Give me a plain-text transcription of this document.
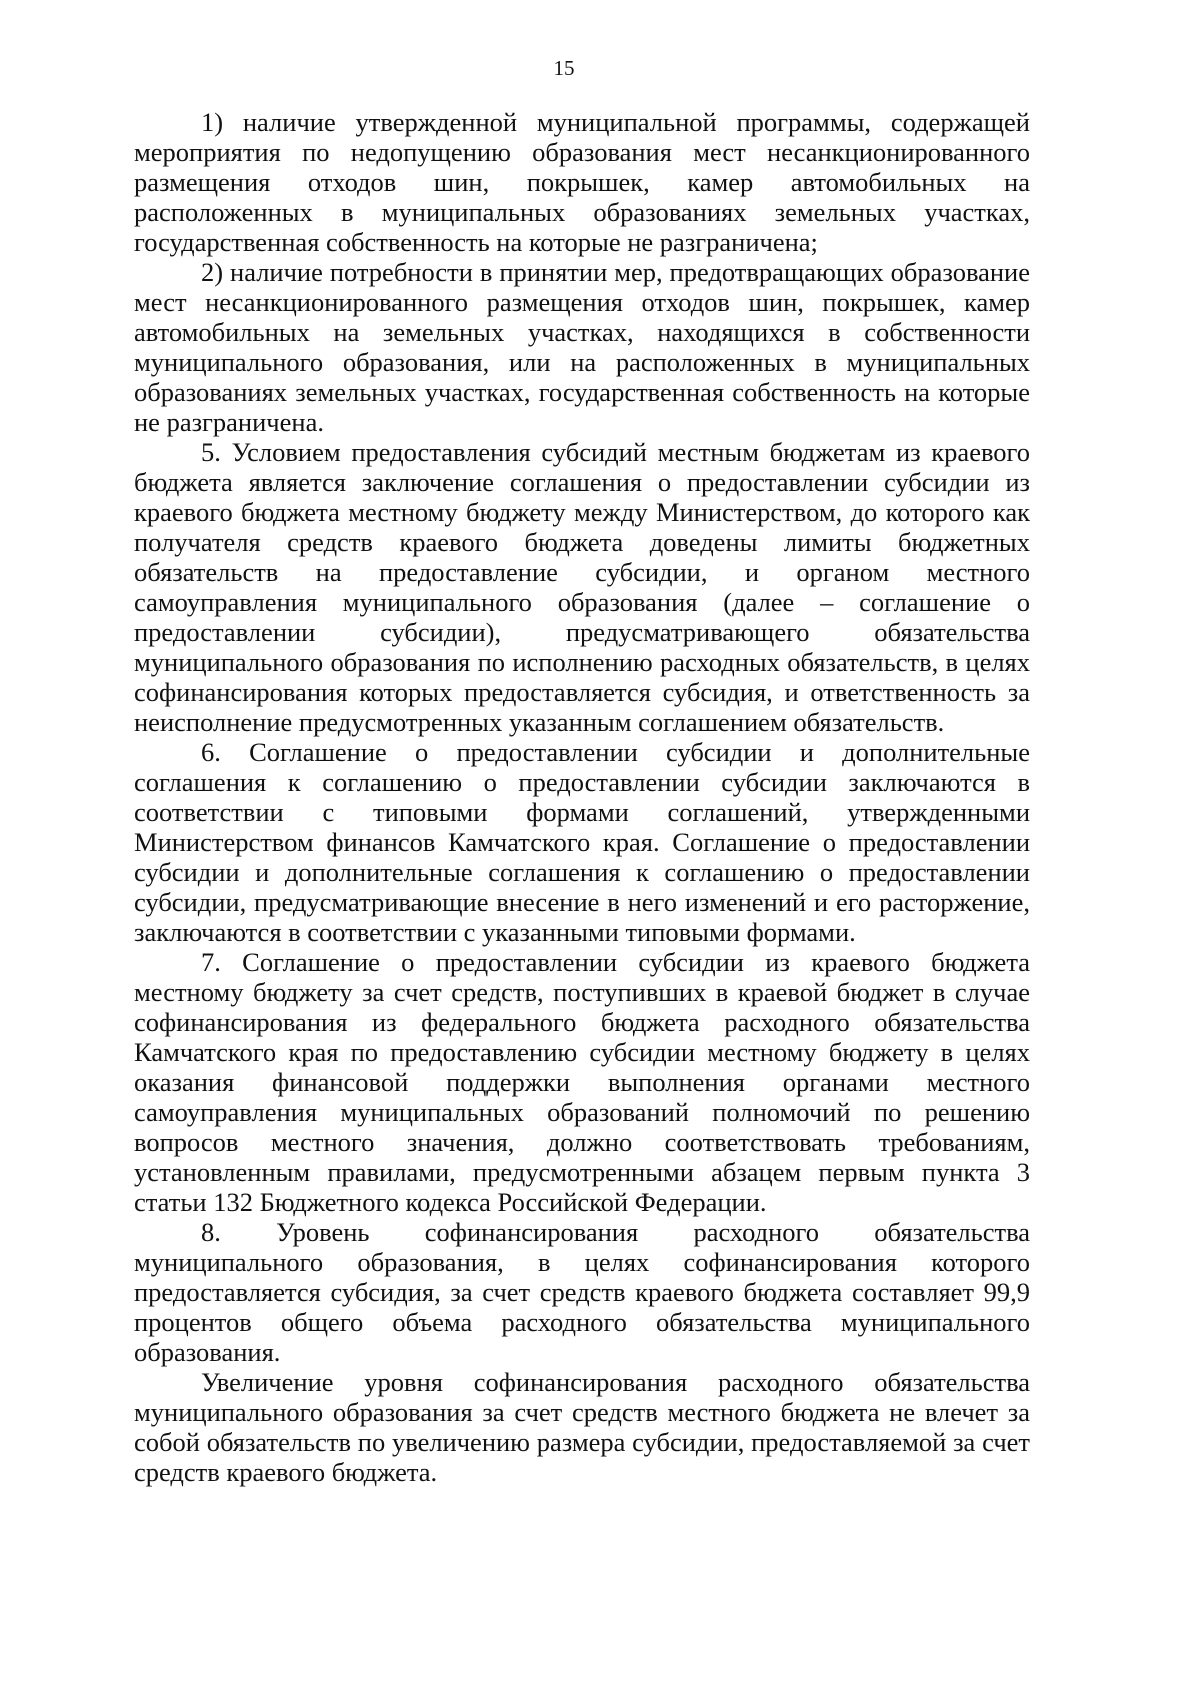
15

1) наличие утвержденной муниципальной программы, содержащей мероприятия по недопущению образования мест несанкционированного размещения отходов шин, покрышек, камер автомобильных на расположенных в муниципальных образованиях земельных участках, государственная собственность на которые не разграничена;

2) наличие потребности в принятии мер, предотвращающих образование мест несанкционированного размещения отходов шин, покрышек, камер автомобильных на земельных участках, находящихся в собственности муниципального образования, или на расположенных в муниципальных образованиях земельных участках, государственная собственность на которые не разграничена.

5. Условием предоставления субсидий местным бюджетам из краевого бюджета является заключение соглашения о предоставлении субсидии из краевого бюджета местному бюджету между Министерством, до которого как получателя средств краевого бюджета доведены лимиты бюджетных обязательств на предоставление субсидии, и органом местного самоуправления муниципального образования (далее – соглашение о предоставлении субсидии), предусматривающего обязательства муниципального образования по исполнению расходных обязательств, в целях софинансирования которых предоставляется субсидия, и ответственность за неисполнение предусмотренных указанным соглашением обязательств.

6. Соглашение о предоставлении субсидии и дополнительные соглашения к соглашению о предоставлении субсидии заключаются в соответствии с типовыми формами соглашений, утвержденными Министерством финансов Камчатского края. Соглашение о предоставлении субсидии и дополнительные соглашения к соглашению о предоставлении субсидии, предусматривающие внесение в него изменений и его расторжение, заключаются в соответствии с указанными типовыми формами.

7. Соглашение о предоставлении субсидии из краевого бюджета местному бюджету за счет средств, поступивших в краевой бюджет в случае софинансирования из федерального бюджета расходного обязательства Камчатского края по предоставлению субсидии местному бюджету в целях оказания финансовой поддержки выполнения органами местного самоуправления муниципальных образований полномочий по решению вопросов местного значения, должно соответствовать требованиям, установленным правилами, предусмотренными абзацем первым пункта 3 статьи 132 Бюджетного кодекса Российской Федерации.

8. Уровень софинансирования расходного обязательства муниципального образования, в целях софинансирования которого предоставляется субсидия, за счет средств краевого бюджета составляет 99,9 процентов общего объема расходного обязательства муниципального образования.

Увеличение уровня софинансирования расходного обязательства муниципального образования за счет средств местного бюджета не влечет за собой обязательств по увеличению размера субсидии, предоставляемой за счет средств краевого бюджета.
